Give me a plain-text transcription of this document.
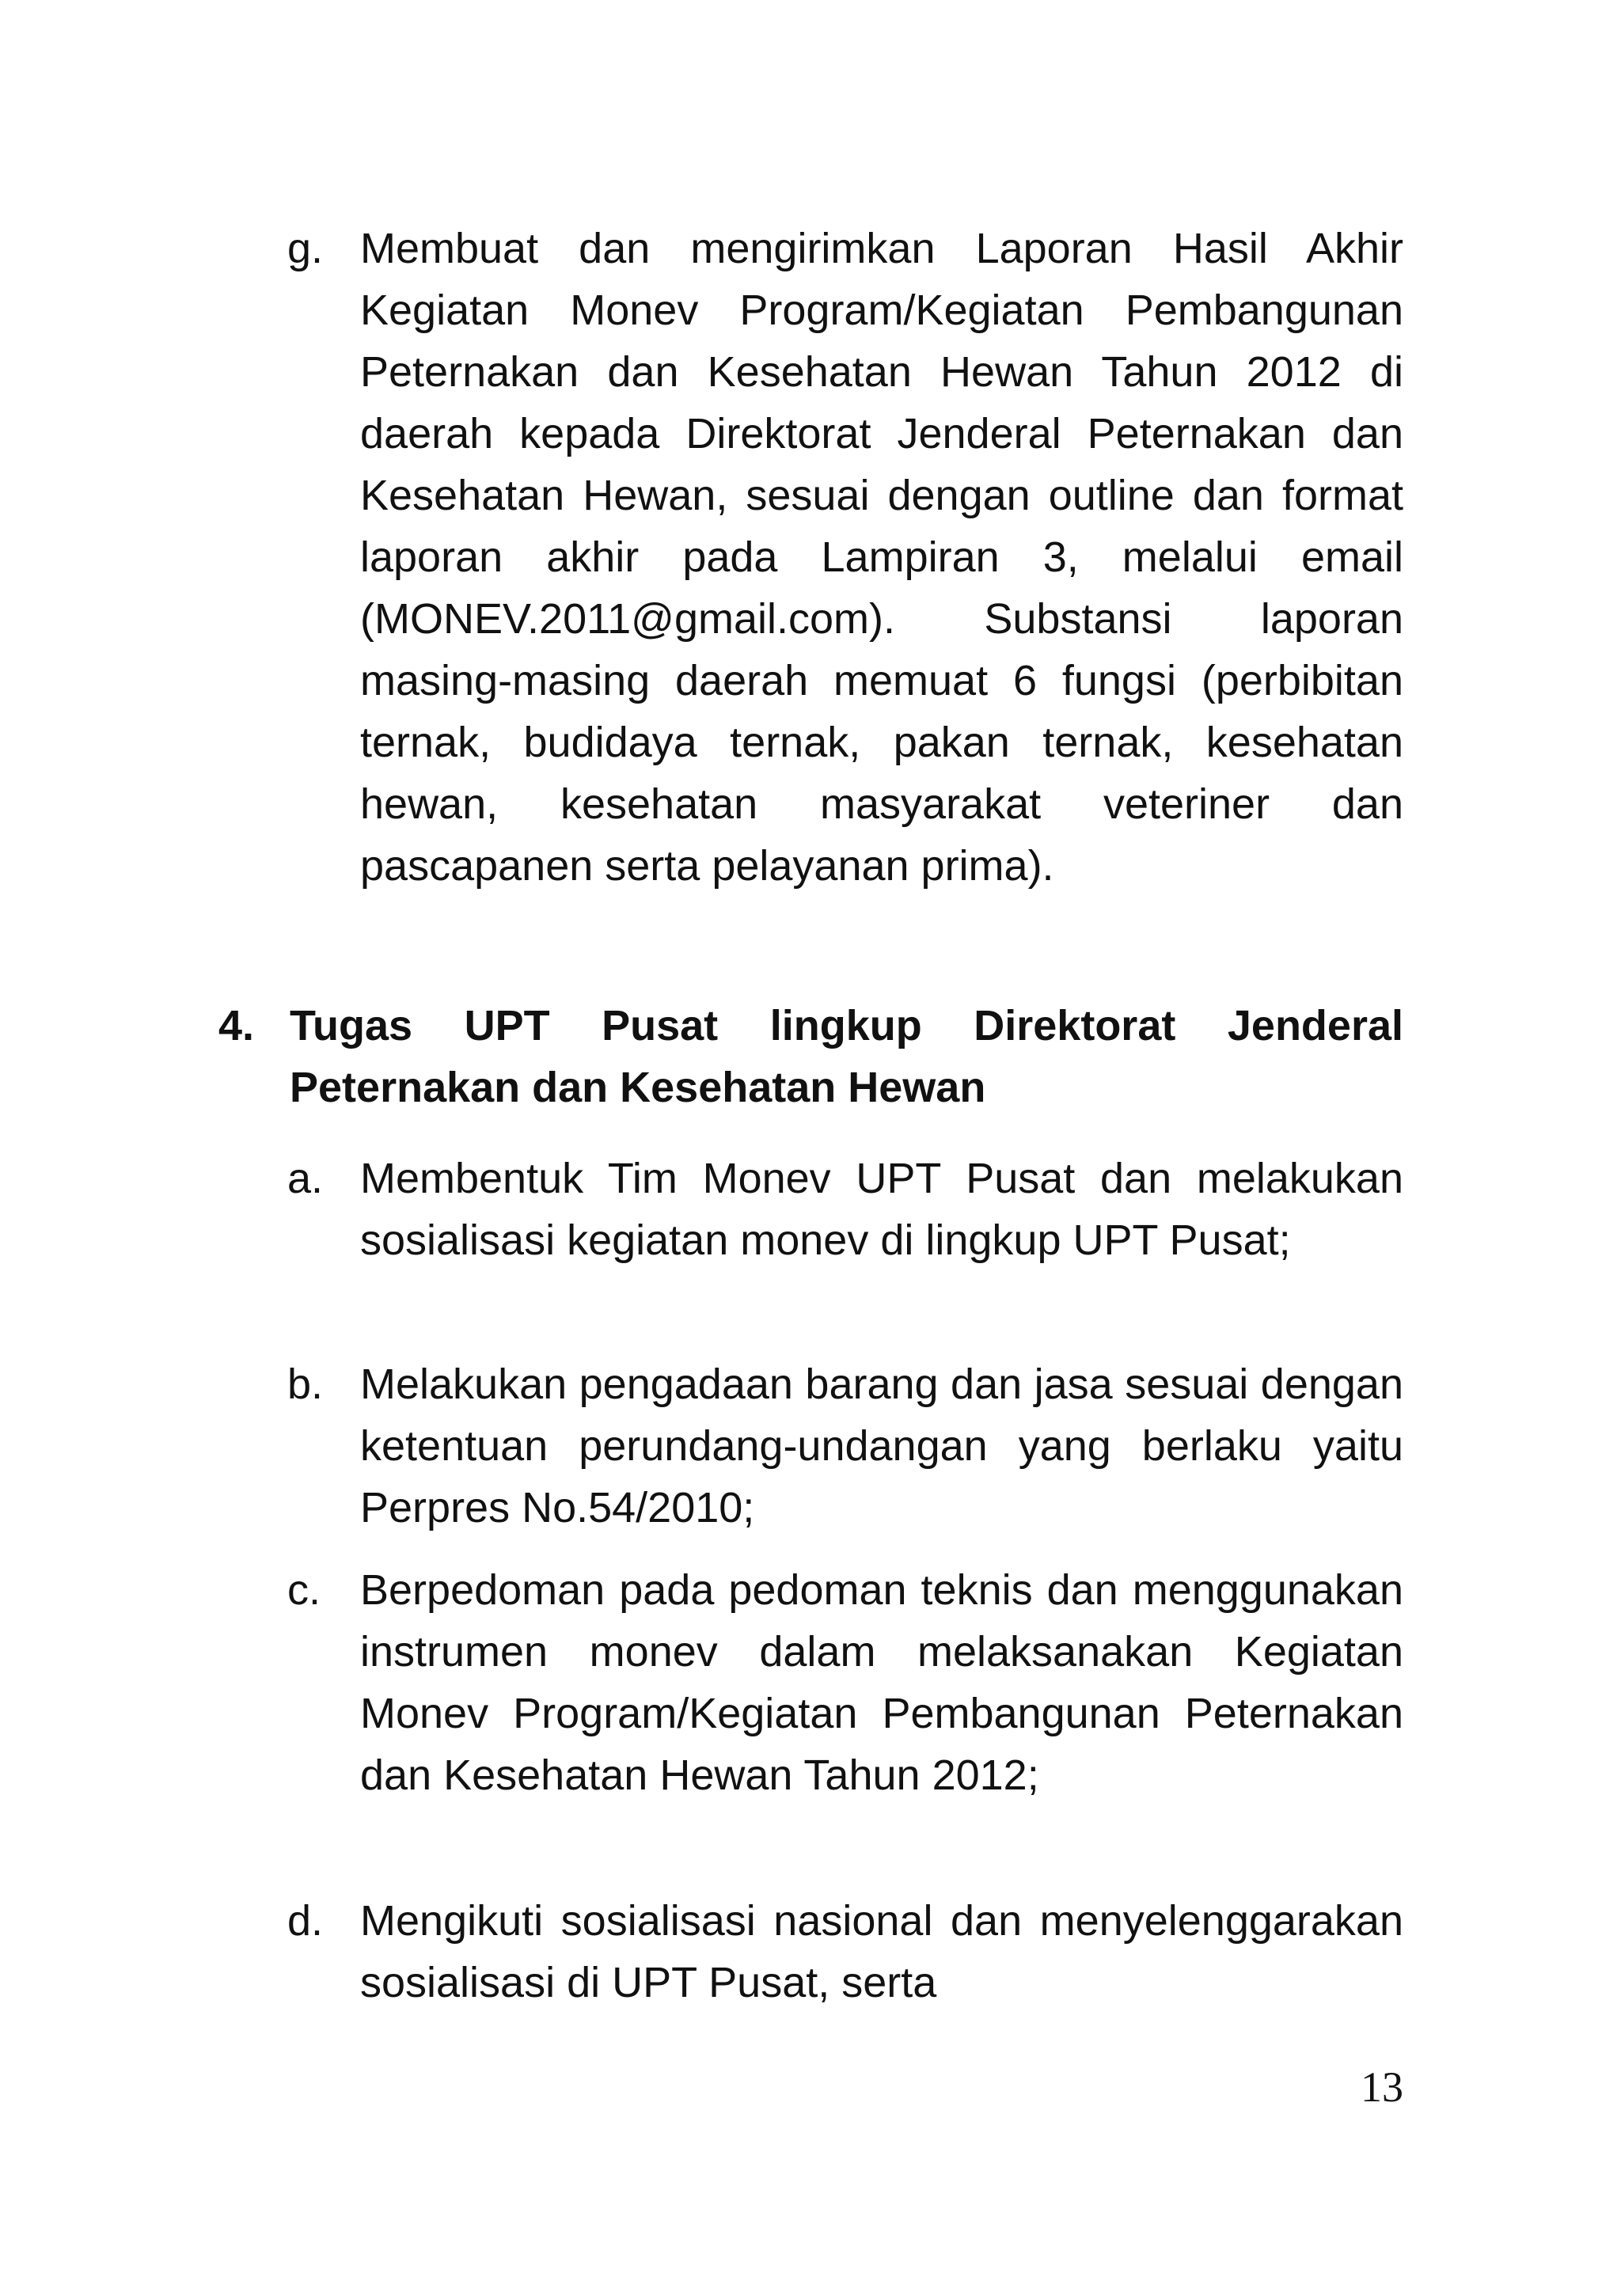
g. Membuat dan mengirimkan Laporan Hasil Akhir Kegiatan Monev Program/Kegiatan Pembangunan Peternakan dan Kesehatan Hewan Tahun 2012 di daerah kepada Direktorat Jenderal Peternakan dan Kesehatan Hewan, sesuai dengan outline dan format laporan akhir pada Lampiran 3, melalui email (MONEV.2011@gmail.com). Substansi laporan masing-masing daerah memuat 6 fungsi (perbibitan ternak, budidaya ternak, pakan ternak, kesehatan hewan, kesehatan masyarakat veteriner dan pascapanen serta pelayanan prima).
4. Tugas UPT Pusat lingkup Direktorat Jenderal Peternakan dan Kesehatan Hewan
a. Membentuk Tim Monev UPT Pusat dan melakukan sosialisasi kegiatan monev di lingkup UPT Pusat;
b. Melakukan pengadaan barang dan jasa sesuai dengan ketentuan perundang-undangan yang berlaku yaitu Perpres No.54/2010;
c. Berpedoman pada pedoman teknis dan menggunakan instrumen monev dalam melaksanakan Kegiatan Monev Program/Kegiatan Pembangunan Peternakan dan Kesehatan Hewan Tahun 2012;
d. Mengikuti sosialisasi nasional dan menyelenggarakan sosialisasi di UPT Pusat, serta
13
